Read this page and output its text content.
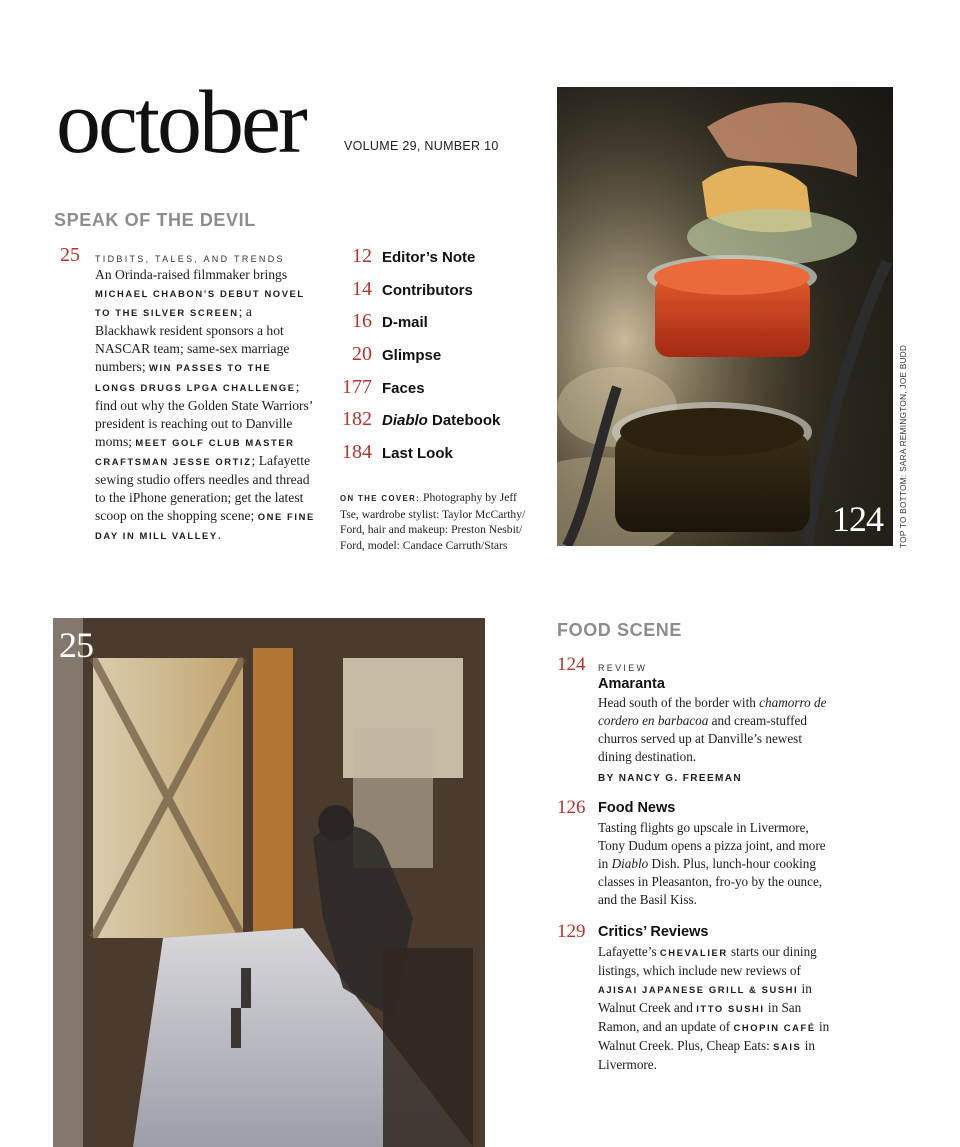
october	VOLUME 29, NUMBER 10
SPEAK OF THE DEVIL
25 TIDBITS, TALES, AND TRENDS
An Orinda-raised filmmaker brings MICHAEL CHABON’S DEBUT NOVEL TO THE SILVER SCREEN; a Blackhawk resident sponsors a hot NASCAR team; same-sex marriage numbers; WIN PASSES TO THE LONGS DRUGS LPGA CHALLENGE; find out why the Golden State Warriors’ president is reaching out to Danville moms; MEET GOLF CLUB MASTER CRAFTSMAN JESSE ORTIZ; Lafayette sewing studio offers needles and thread to the iPhone generation; get the latest scoop on the shopping scene; ONE FINE DAY IN MILL VALLEY.
12 Editor’s Note
14 Contributors
16 D-mail
20 Glimpse
177 Faces
182 Diablo Datebook
184 Last Look
ON THE COVER: Photography by Jeff Tse, wardrobe stylist: Taylor McCarthy/ Ford, hair and makeup: Preston Nesbit/ Ford, model: Candace Carruth/Stars
124 TOP TO BOTTOM: SARA REMINGTON, JOE BUDD
25	FOOD SCENE
124	REVIEW
Amaranta
Head south of the border with chamorro de cordero en barbacoa and cream-stuffed churros served up at Danville’s newest dining destination.
BY NANCY G. FREEMAN
126 Food News
Tasting flights go upscale in Livermore, Tony Dudum opens a pizza joint, and more in Diablo Dish. Plus, lunch-hour cooking classes in Pleasanton, fro-yo by the ounce, and the Basil Kiss.
129 Critics’ Reviews
Lafayette’s CHEVALIER starts our dining listings, which include new reviews of AJISAI JAPANESE GRILL & SUSHI in Walnut Creek and ITTO SUSHI in San Ramon, and an update of CHOPIN CAFÉ in Walnut Creek. Plus, Cheap Eats: SAIS in Livermore.
